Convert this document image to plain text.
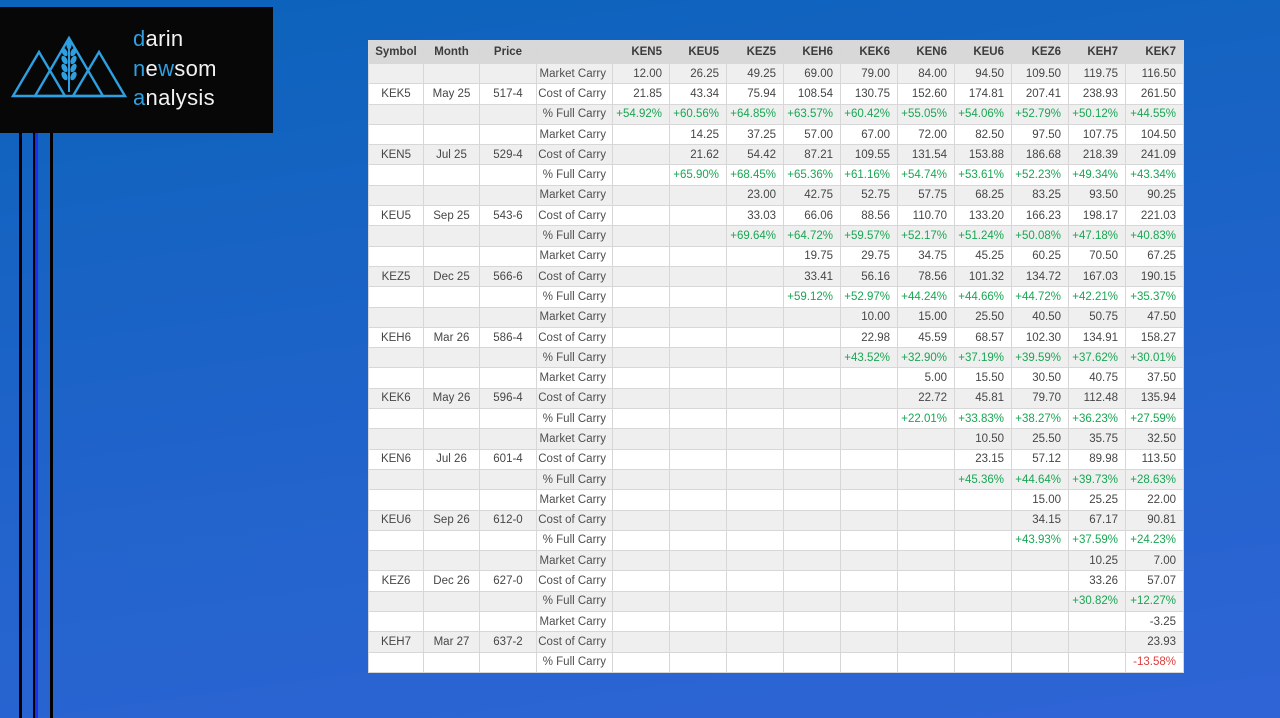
darin
newsom
analysis
Symbol	Month	Price		KEN5	KEU5	KEZ5	KEH6	KEK6	KEN6	KEU6	KEZ6	KEH7	KEK7
			Market Carry	12.00	26.25	49.25	69.00	79.00	84.00	94.50	109.50	119.75	116.50
KEK5	May 25	517-4	Cost of Carry	21.85	43.34	75.94	108.54	130.75	152.60	174.81	207.41	238.93	261.50
			% Full Carry	+54.92%	+60.56%	+64.85%	+63.57%	+60.42%	+55.05%	+54.06%	+52.79%	+50.12%	+44.55%
			Market Carry		14.25	37.25	57.00	67.00	72.00	82.50	97.50	107.75	104.50
KEN5	Jul 25	529-4	Cost of Carry		21.62	54.42	87.21	109.55	131.54	153.88	186.68	218.39	241.09
			% Full Carry		+65.90%	+68.45%	+65.36%	+61.16%	+54.74%	+53.61%	+52.23%	+49.34%	+43.34%
			Market Carry			23.00	42.75	52.75	57.75	68.25	83.25	93.50	90.25
KEU5	Sep 25	543-6	Cost of Carry			33.03	66.06	88.56	110.70	133.20	166.23	198.17	221.03
			% Full Carry			+69.64%	+64.72%	+59.57%	+52.17%	+51.24%	+50.08%	+47.18%	+40.83%
			Market Carry				19.75	29.75	34.75	45.25	60.25	70.50	67.25
KEZ5	Dec 25	566-6	Cost of Carry				33.41	56.16	78.56	101.32	134.72	167.03	190.15
			% Full Carry				+59.12%	+52.97%	+44.24%	+44.66%	+44.72%	+42.21%	+35.37%
			Market Carry					10.00	15.00	25.50	40.50	50.75	47.50
KEH6	Mar 26	586-4	Cost of Carry					22.98	45.59	68.57	102.30	134.91	158.27
			% Full Carry					+43.52%	+32.90%	+37.19%	+39.59%	+37.62%	+30.01%
			Market Carry						5.00	15.50	30.50	40.75	37.50
KEK6	May 26	596-4	Cost of Carry						22.72	45.81	79.70	112.48	135.94
			% Full Carry						+22.01%	+33.83%	+38.27%	+36.23%	+27.59%
			Market Carry							10.50	25.50	35.75	32.50
KEN6	Jul 26	601-4	Cost of Carry							23.15	57.12	89.98	113.50
			% Full Carry							+45.36%	+44.64%	+39.73%	+28.63%
			Market Carry								15.00	25.25	22.00
KEU6	Sep 26	612-0	Cost of Carry								34.15	67.17	90.81
			% Full Carry								+43.93%	+37.59%	+24.23%
			Market Carry									10.25	7.00
KEZ6	Dec 26	627-0	Cost of Carry									33.26	57.07
			% Full Carry									+30.82%	+12.27%
			Market Carry										-3.25
KEH7	Mar 27	637-2	Cost of Carry										23.93
			% Full Carry										-13.58%
